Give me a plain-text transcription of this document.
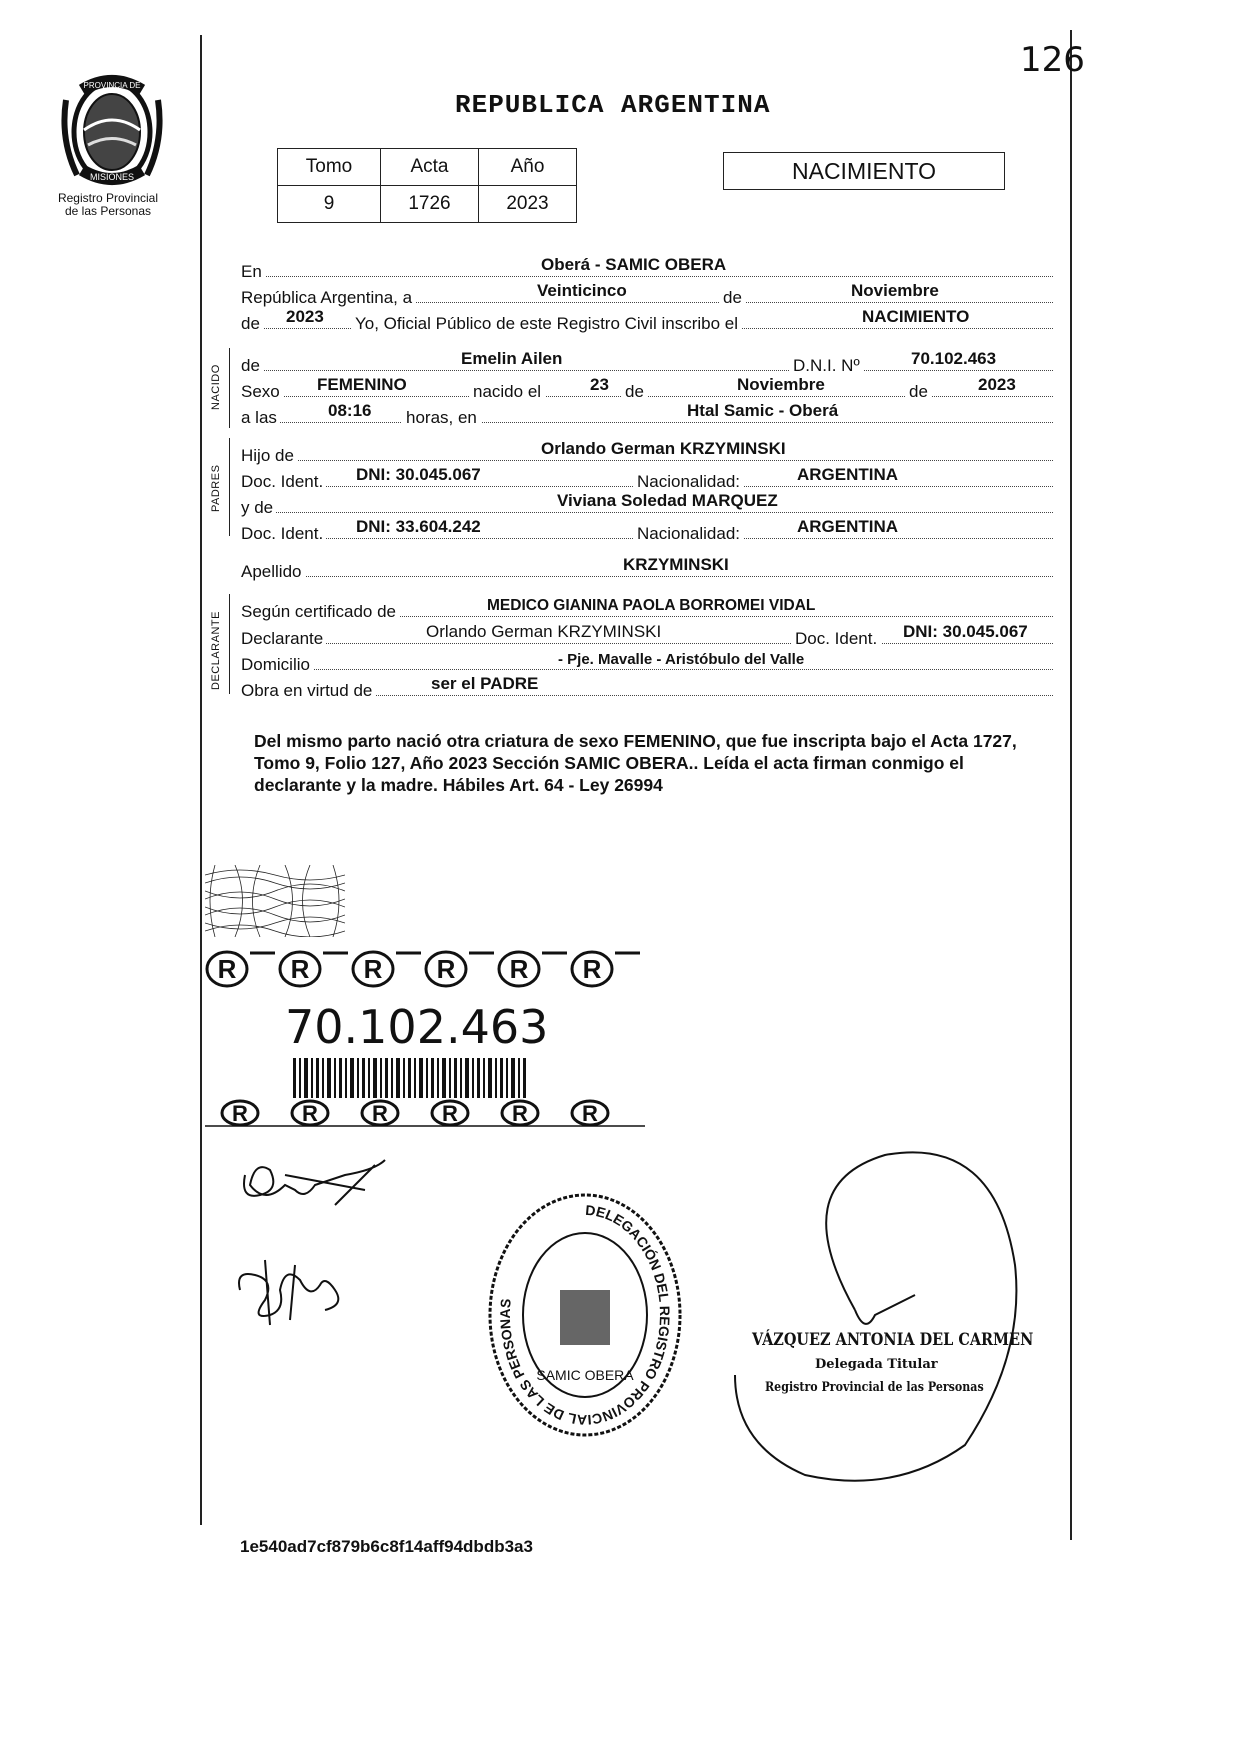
126
REPUBLICA ARGENTINA
PROVINCIA DE
MISIONES
Registro Provincial
de las Personas
Tomo	Acta	Año
9	1726	2023
NACIMIENTO
En	Oberá - SAMIC OBERA
República Argentina, a	Veinticinco	de	Noviembre
de 2023 Yo, Oficial Público de este Registro Civil inscribo el	NACIMIENTO
NACIDO de	Emelin Ailen	D.N.I. Nº	70.102.463
Sexo FEMENINO	nacido el	23 de	Noviembre	de	2023
a las	08:16 horas, en	Htal Samic - Oberá
PADRES
Hijo de	Orlando German KRZYMINSKI
Doc. Ident. DNI: 30.045.067	Nacionalidad:	ARGENTINA
y de	Viviana Soledad MARQUEZ
Doc. Ident. DNI: 33.604.242	Nacionalidad:	ARGENTINA
Apellido	KRZYMINSKI
DECLARANTE Según certificado de	MEDICO GIANINA PAOLA BORROMEI VIDAL
Declarante	Orlando German KRZYMINSKI	Doc. Ident. DNI: 30.045.067
Domicilio	- Pje. Mavalle - Aristóbulo del Valle
Obra en virtud de	ser el PADRE
Del mismo parto nació otra criatura de sexo FEMENINO, que fue inscripta bajo el Acta 1727, Tomo 9, Folio 127, Año 2023 Sección SAMIC OBERA.. Leída el acta firman conmigo el declarante y la madre. Hábiles Art. 64 - Ley 26994
R R R R R R
70.102.463
R R R R R R
DELEGACIÓN DEL REGISTRO PROVINCIAL DE LAS PERSONAS
SAMIC OBERA
VÁZQUEZ ANTONIA DEL CARMEN
Delegada Titular
Registro Provincial de las Personas
1e540ad7cf879b6c8f14aff94dbdb3a3
